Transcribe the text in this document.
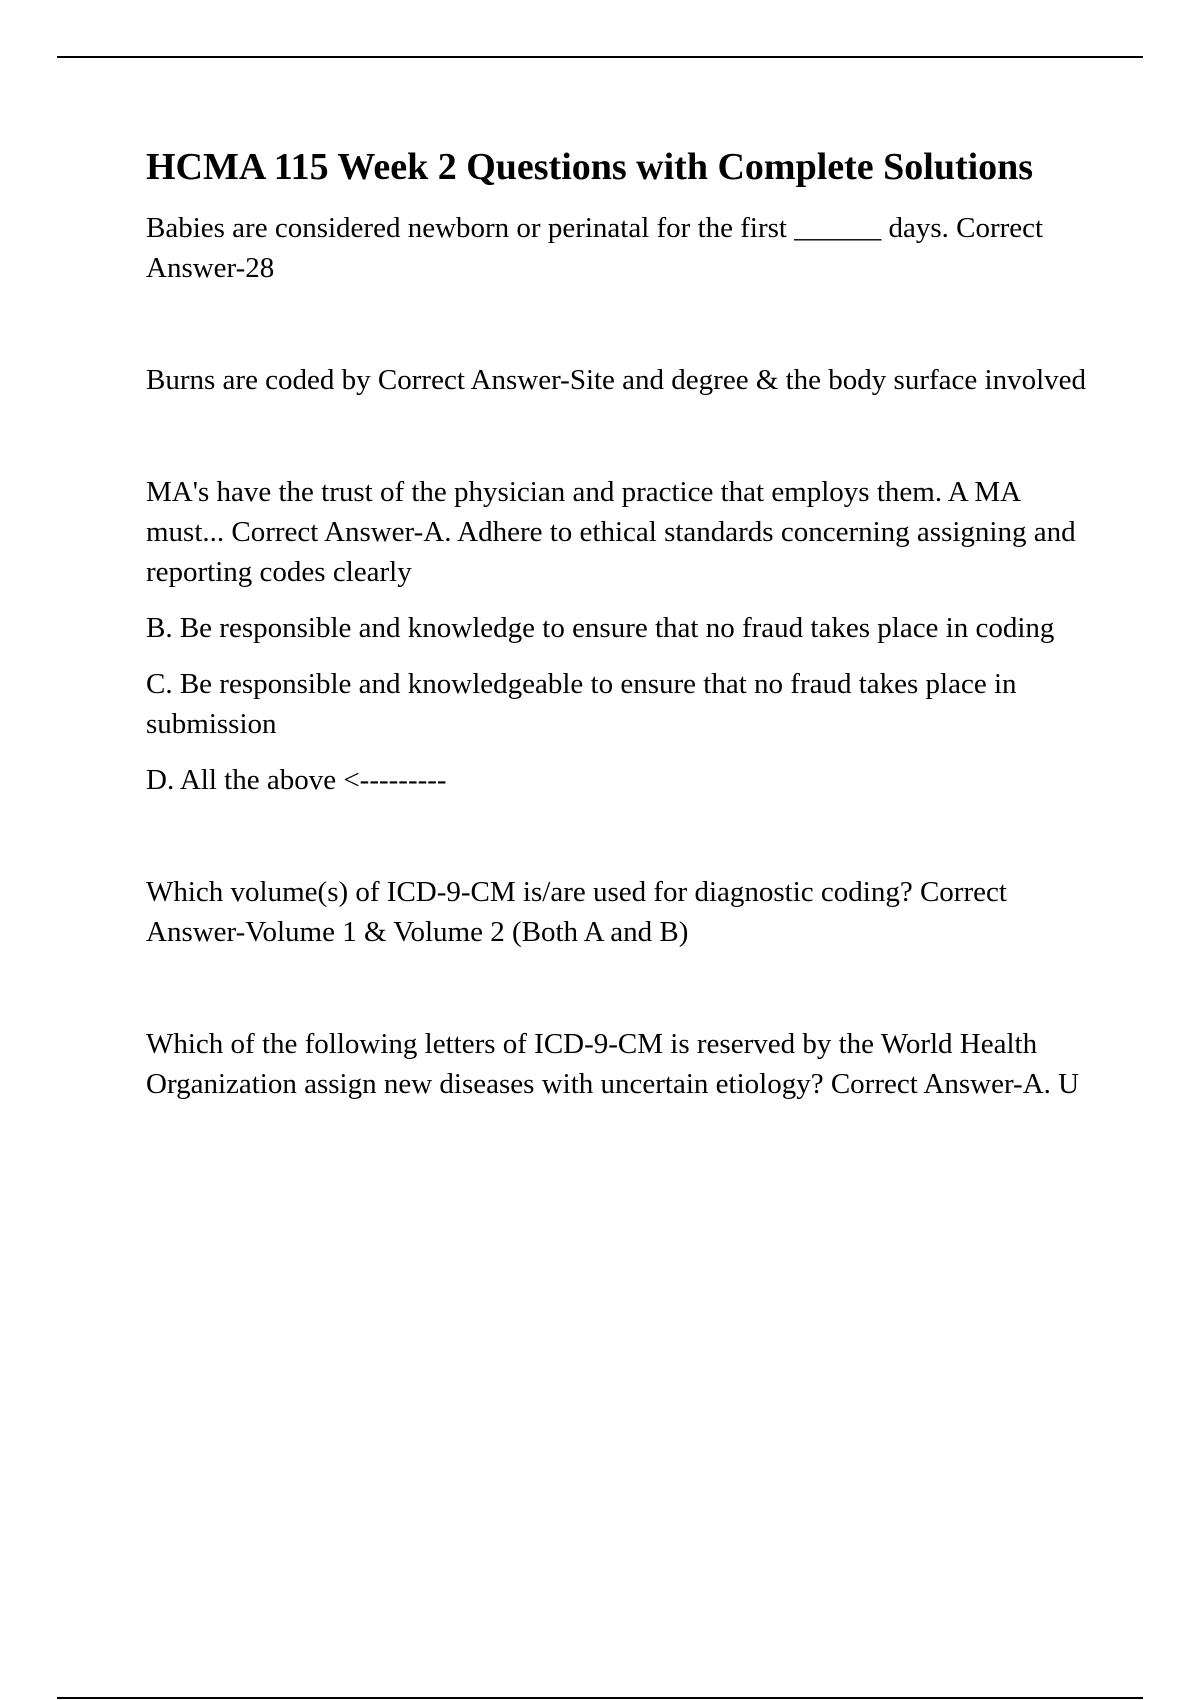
HCMA 115 Week 2 Questions with Complete Solutions

Babies are considered newborn or perinatal for the first ______ days. Correct Answer-28

Burns are coded by Correct Answer-Site and degree & the body surface involved

MA's have the trust of the physician and practice that employs them. A MA must... Correct Answer-A. Adhere to ethical standards concerning assigning and reporting codes clearly

B. Be responsible and knowledge to ensure that no fraud takes place in coding

C. Be responsible and knowledgeable to ensure that no fraud takes place in submission

D. All the above <---------

Which volume(s) of ICD-9-CM is/are used for diagnostic coding? Correct Answer-Volume 1 & Volume 2 (Both A and B)

Which of the following letters of ICD-9-CM is reserved by the World Health Organization assign new diseases with uncertain etiology? Correct Answer-A. U
